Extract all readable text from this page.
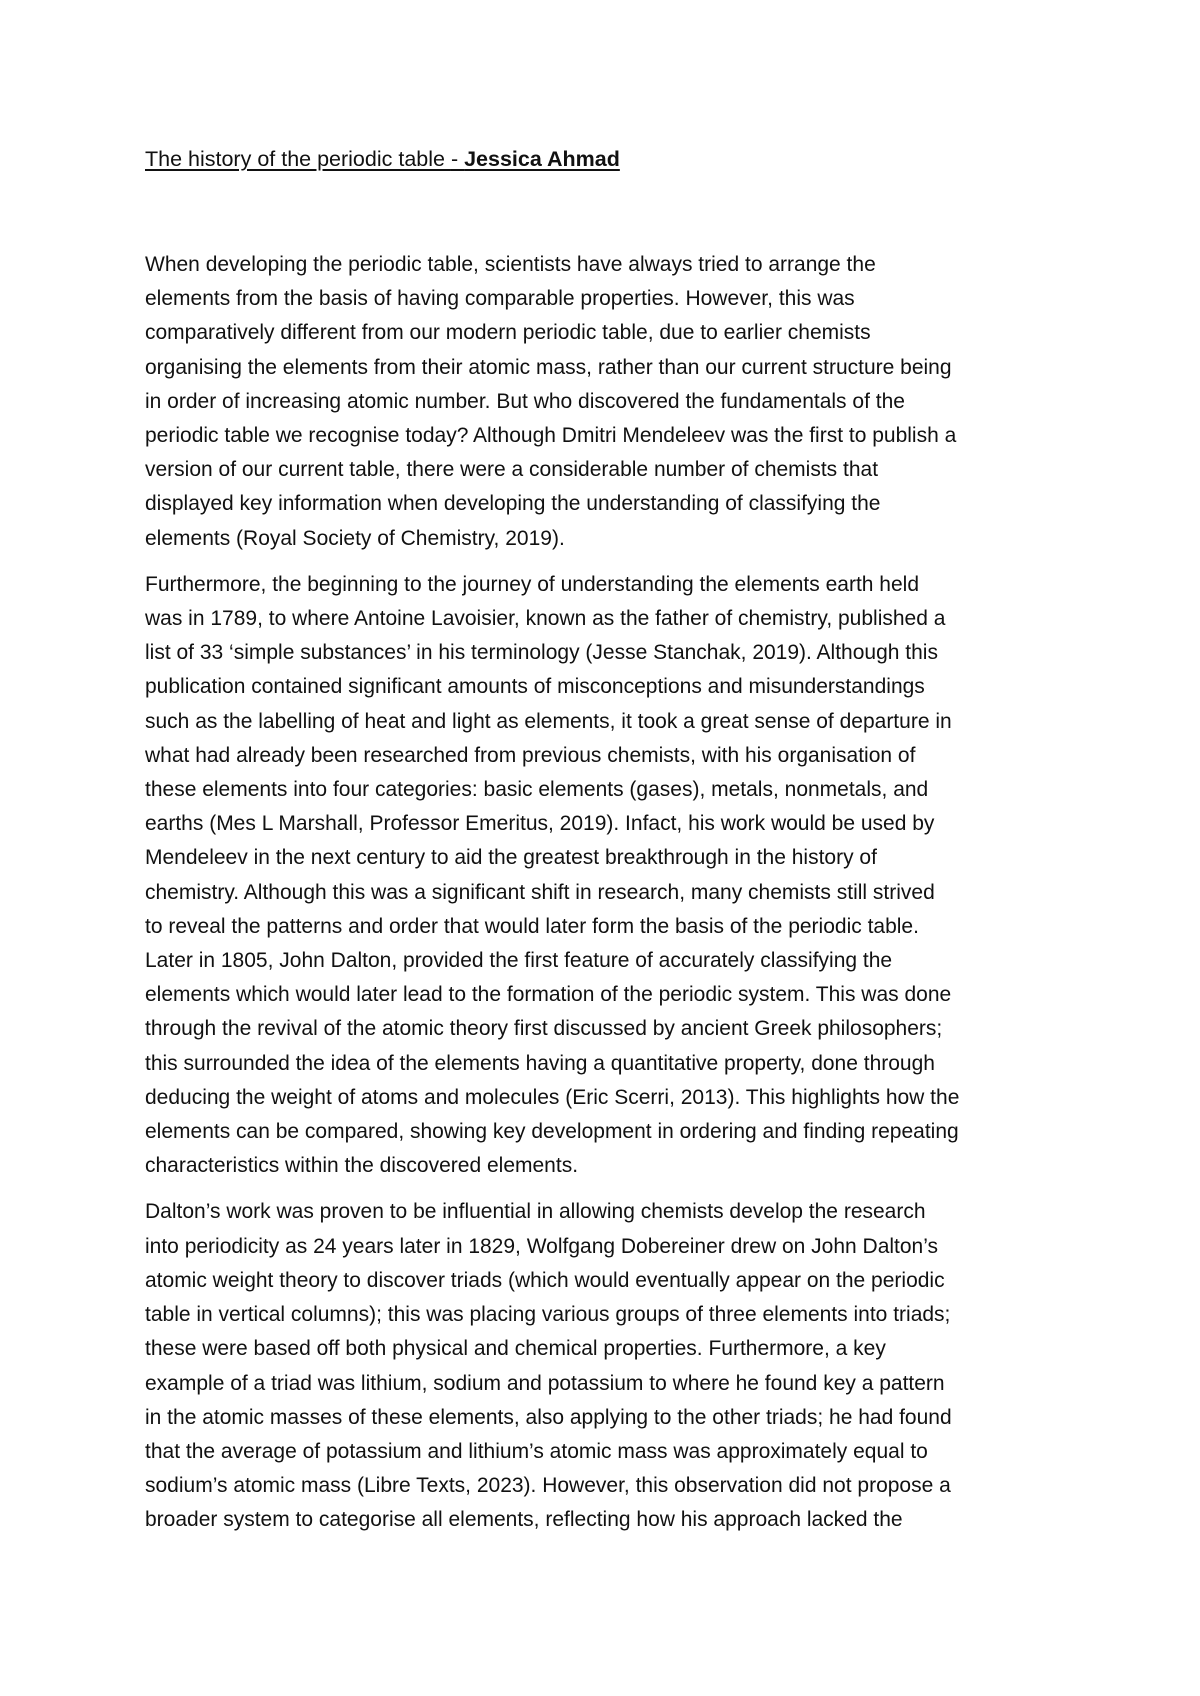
The history of the periodic table - Jessica Ahmad

When developing the periodic table, scientists have always tried to arrange the
elements from the basis of having comparable properties. However, this was
comparatively different from our modern periodic table, due to earlier chemists
organising the elements from their atomic mass, rather than our current structure being
in order of increasing atomic number. But who discovered the fundamentals of the
periodic table we recognise today? Although Dmitri Mendeleev was the first to publish a
version of our current table, there were a considerable number of chemists that
displayed key information when developing the understanding of classifying the
elements (Royal Society of Chemistry, 2019).

Furthermore, the beginning to the journey of understanding the elements earth held
was in 1789, to where Antoine Lavoisier, known as the father of chemistry, published a
list of 33 ‘simple substances’ in his terminology (Jesse Stanchak, 2019). Although this
publication contained significant amounts of misconceptions and misunderstandings
such as the labelling of heat and light as elements, it took a great sense of departure in
what had already been researched from previous chemists, with his organisation of
these elements into four categories: basic elements (gases), metals, nonmetals, and
earths (Mes L Marshall, Professor Emeritus, 2019). Infact, his work would be used by
Mendeleev in the next century to aid the greatest breakthrough in the history of
chemistry. Although this was a significant shift in research, many chemists still strived
to reveal the patterns and order that would later form the basis of the periodic table.
Later in 1805, John Dalton, provided the first feature of accurately classifying the
elements which would later lead to the formation of the periodic system. This was done
through the revival of the atomic theory first discussed by ancient Greek philosophers;
this surrounded the idea of the elements having a quantitative property, done through
deducing the weight of atoms and molecules (Eric Scerri, 2013). This highlights how the
elements can be compared, showing key development in ordering and finding repeating
characteristics within the discovered elements.

Dalton’s work was proven to be influential in allowing chemists develop the research
into periodicity as 24 years later in 1829, Wolfgang Dobereiner drew on John Dalton’s
atomic weight theory to discover triads (which would eventually appear on the periodic
table in vertical columns); this was placing various groups of three elements into triads;
these were based off both physical and chemical properties. Furthermore, a key
example of a triad was lithium, sodium and potassium to where he found key a pattern
in the atomic masses of these elements, also applying to the other triads; he had found
that the average of potassium and lithium’s atomic mass was approximately equal to
sodium’s atomic mass (Libre Texts, 2023). However, this observation did not propose a
broader system to categorise all elements, reflecting how his approach lacked the
